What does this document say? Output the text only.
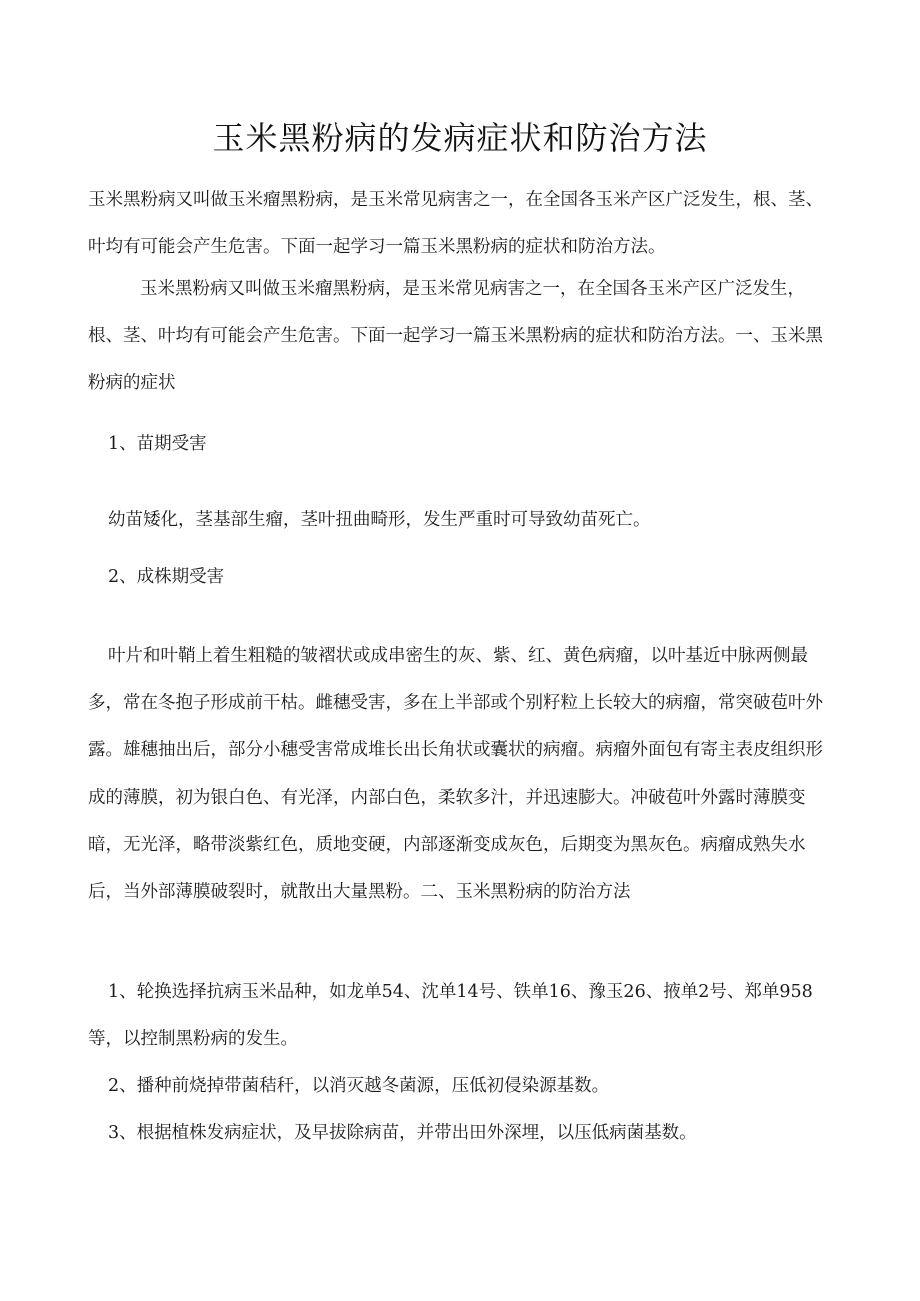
玉米黑粉病的发病症状和防治方法
玉米黑粉病又叫做玉米瘤黑粉病，是玉米常见病害之一，在全国各玉米产区广泛发生，根、茎、叶均有可能会产生危害。下面一起学习一篇玉米黑粉病的症状和防治方法。
玉米黑粉病又叫做玉米瘤黑粉病，是玉米常见病害之一，在全国各玉米产区广泛发生，根、茎、叶均有可能会产生危害。下面一起学习一篇玉米黑粉病的症状和防治方法。一、玉米黑粉病的症状
1、苗期受害
幼苗矮化，茎基部生瘤，茎叶扭曲畸形，发生严重时可导致幼苗死亡。
2、成株期受害
叶片和叶鞘上着生粗糙的皱褶状或成串密生的灰、紫、红、黄色病瘤，以叶基近中脉两侧最多，常在冬抱子形成前干枯。雌穗受害，多在上半部或个别籽粒上长较大的病瘤，常突破苞叶外露。雄穗抽出后，部分小穗受害常成堆长出长角状或囊状的病瘤。病瘤外面包有寄主表皮组织形成的薄膜，初为银白色、有光泽，内部白色，柔软多汁，并迅速膨大。冲破苞叶外露时薄膜变暗，无光泽，略带淡紫红色，质地变硬，内部逐渐变成灰色，后期变为黑灰色。病瘤成熟失水后，当外部薄膜破裂时，就散出大量黑粉。二、玉米黑粉病的防治方法
1、轮换选择抗病玉米品种，如龙单54、沈单14号、铁单16、豫玉26、掖单2号、郑单958等，以控制黑粉病的发生。
2、播种前烧掉带菌秸秆，以消灭越冬菌源，压低初侵染源基数。
3、根据植株发病症状，及早拔除病苗，并带出田外深埋，以压低病菌基数。
